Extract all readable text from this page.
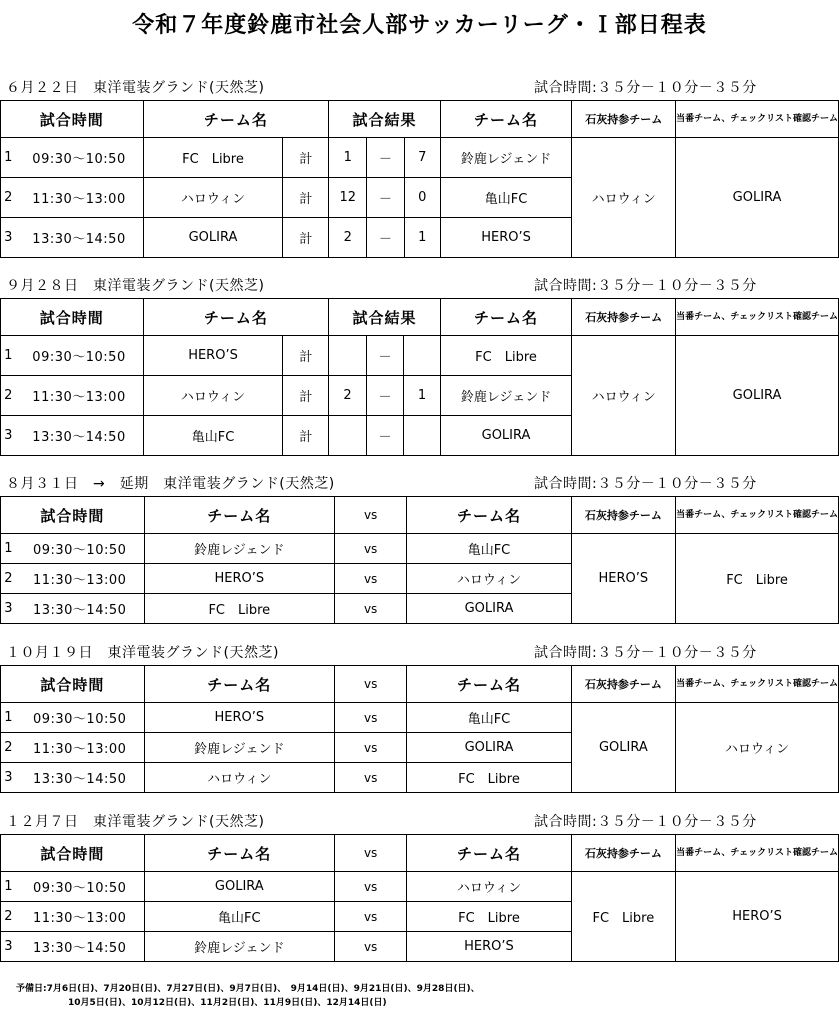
令和７年度鈴鹿市社会人部サッカーリーグ・Ｉ部日程表
６月２２日　東洋電装グランド(天然芝)	試合時間:３５分－１０分－３５分
試合時間		チーム名		試合結果			チーム名	石灰持参チーム	当番チーム、チェックリスト確認チーム
1	09:30～10:50	FC　Libre	計	1	－	7	鈴鹿レジェンド	ハロウィン	GOLIRA
2	11:30～13:00	ハロウィン	計	12	－	0	亀山FC		
3	13:30～14:50	GOLIRA	計	2	－	1	HERO’S		
９月２８日　東洋電装グランド(天然芝)	試合時間:３５分－１０分－３５分
試合時間		チーム名		試合結果			チーム名	石灰持参チーム	当番チーム、チェックリスト確認チーム
1	09:30～10:50	HERO’S	計		－		FC　Libre	ハロウィン	GOLIRA
2	11:30～13:00	ハロウィン	計	2	－	1	鈴鹿レジェンド		
3	13:30～14:50	亀山FC	計		－		GOLIRA		
８月３１日　→　延期　東洋電装グランド(天然芝)	試合時間:３５分－１０分－３５分
試合時間		チーム名	vs	チーム名	石灰持参チーム	当番チーム、チェックリスト確認チーム
1	09:30～10:50	鈴鹿レジェンド	vs	亀山FC	HERO’S	FC　Libre
2	11:30～13:00	HERO’S	vs	ハロウィン		
3	13:30～14:50	FC　Libre	vs	GOLIRA		
１０月１９日　東洋電装グランド(天然芝)	試合時間:３５分－１０分－３５分
試合時間		チーム名	vs	チーム名	石灰持参チーム	当番チーム、チェックリスト確認チーム
1	09:30～10:50	HERO’S	vs	亀山FC	GOLIRA	ハロウィン
2	11:30～13:00	鈴鹿レジェンド	vs	GOLIRA		
3	13:30～14:50	ハロウィン	vs	FC　Libre		
１２月７日　東洋電装グランド(天然芝)	試合時間:３５分－１０分－３５分
試合時間		チーム名	vs	チーム名	石灰持参チーム	当番チーム、チェックリスト確認チーム
1	09:30～10:50	GOLIRA	vs	ハロウィン	FC　Libre	HERO’S
2	11:30～13:00	亀山FC	vs	FC　Libre		
3	13:30～14:50	鈴鹿レジェンド	vs	HERO’S		
予備日:7月6日(日)、7月20日(日)、7月27日(日)、9月7日(日)、　9月14日(日)、9月21日(日)、9月28日(日)、
10月5日(日)、10月12日(日)、11月2日(日)、11月9日(日)、12月14日(日)
